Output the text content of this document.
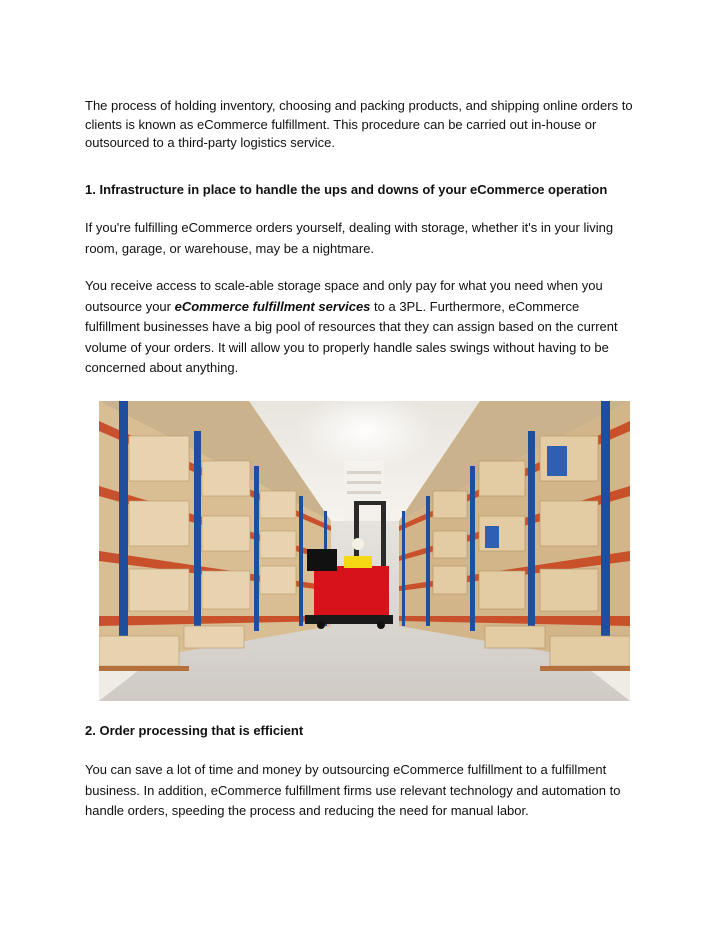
The process of holding inventory, choosing and packing products, and shipping online orders to clients is known as eCommerce fulfillment. This procedure can be carried out in-house or outsourced to a third-party logistics service.

1. Infrastructure in place to handle the ups and downs of your eCommerce operation

If you're fulfilling eCommerce orders yourself, dealing with storage, whether it's in your living room, garage, or warehouse, may be a nightmare.

You receive access to scale-able storage space and only pay for what you need when you outsource your eCommerce fulfillment services to a 3PL. Furthermore, eCommerce fulfillment businesses have a big pool of resources that they can assign based on the current volume of your orders. It will allow you to properly handle sales swings without having to be concerned about anything.

2. Order processing that is efficient

You can save a lot of time and money by outsourcing eCommerce fulfillment to a fulfillment business. In addition, eCommerce fulfillment firms use relevant technology and automation to handle orders, speeding the process and reducing the need for manual labor.
